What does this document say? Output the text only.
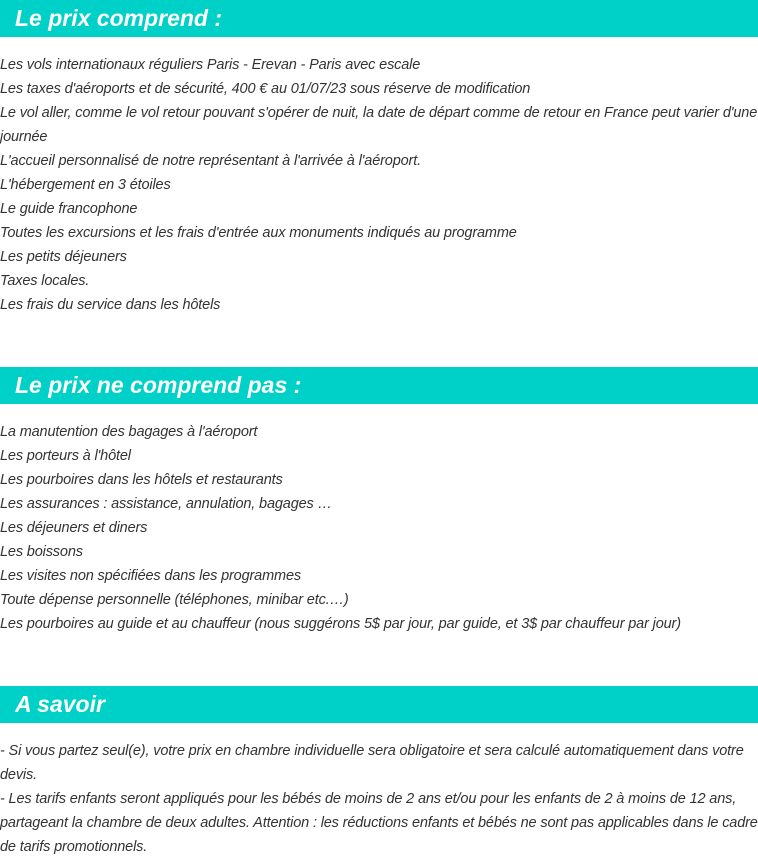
Le prix comprend :
Les vols internationaux réguliers Paris - Erevan - Paris avec escale
Les taxes d'aéroports et de sécurité, 400 € au 01/07/23 sous réserve de modification
Le vol aller, comme le vol retour pouvant s'opérer de nuit, la date de départ comme de retour en France peut varier d'une journée
L'accueil personnalisé de notre représentant à l'arrivée à l'aéroport.
L'hébergement en 3 étoiles
Le guide francophone
Toutes les excursions et les frais d'entrée aux monuments indiqués au programme
Les petits déjeuners
Taxes locales.
Les frais du service dans les hôtels
Le prix ne comprend pas :
La manutention des bagages à l'aéroport
Les porteurs à l'hôtel
Les pourboires dans les hôtels et restaurants
Les assurances : assistance, annulation, bagages …
Les déjeuners et diners
Les boissons
Les visites non spécifiées dans les programmes
Toute dépense personnelle (téléphones, minibar etc.…)
Les pourboires au guide et au chauffeur (nous suggérons 5$ par jour, par guide, et 3$ par chauffeur par jour)
A savoir

- Si vous partez seul(e), votre prix en chambre individuelle sera obligatoire et sera calculé automatiquement dans votre devis.

- Les tarifs enfants seront appliqués pour les bébés de moins de 2 ans et/ou pour les enfants de 2 à moins de 12 ans, partageant la chambre de deux adultes. Attention : les réductions enfants et bébés ne sont pas applicables dans le cadre de tarifs promotionnels.
